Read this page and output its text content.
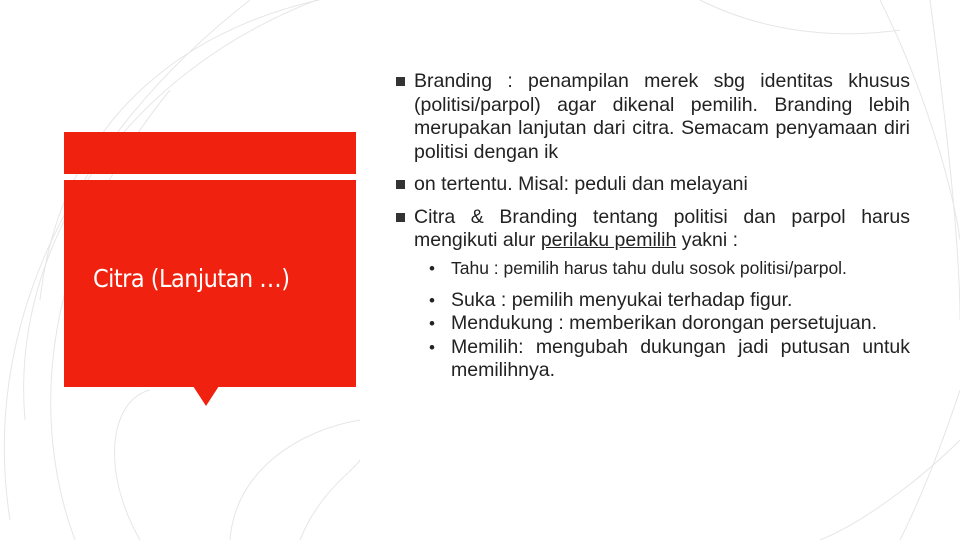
Citra (Lanjutan …)
Branding : penampilan merek sbg identitas khusus (politisi/parpol) agar dikenal pemilih. Branding lebih merupakan lanjutan dari citra. Semacam penyamaan diri politisi dengan ik
on tertentu. Misal: peduli dan melayani
Citra & Branding tentang politisi dan parpol harus mengikuti alur perilaku pemilih yakni :
• Tahu : pemilih harus tahu dulu sosok politisi/parpol.
• Suka : pemilih menyukai terhadap figur.
• Mendukung : memberikan dorongan persetujuan.
• Memilih: mengubah dukungan jadi putusan untuk memilihnya.
